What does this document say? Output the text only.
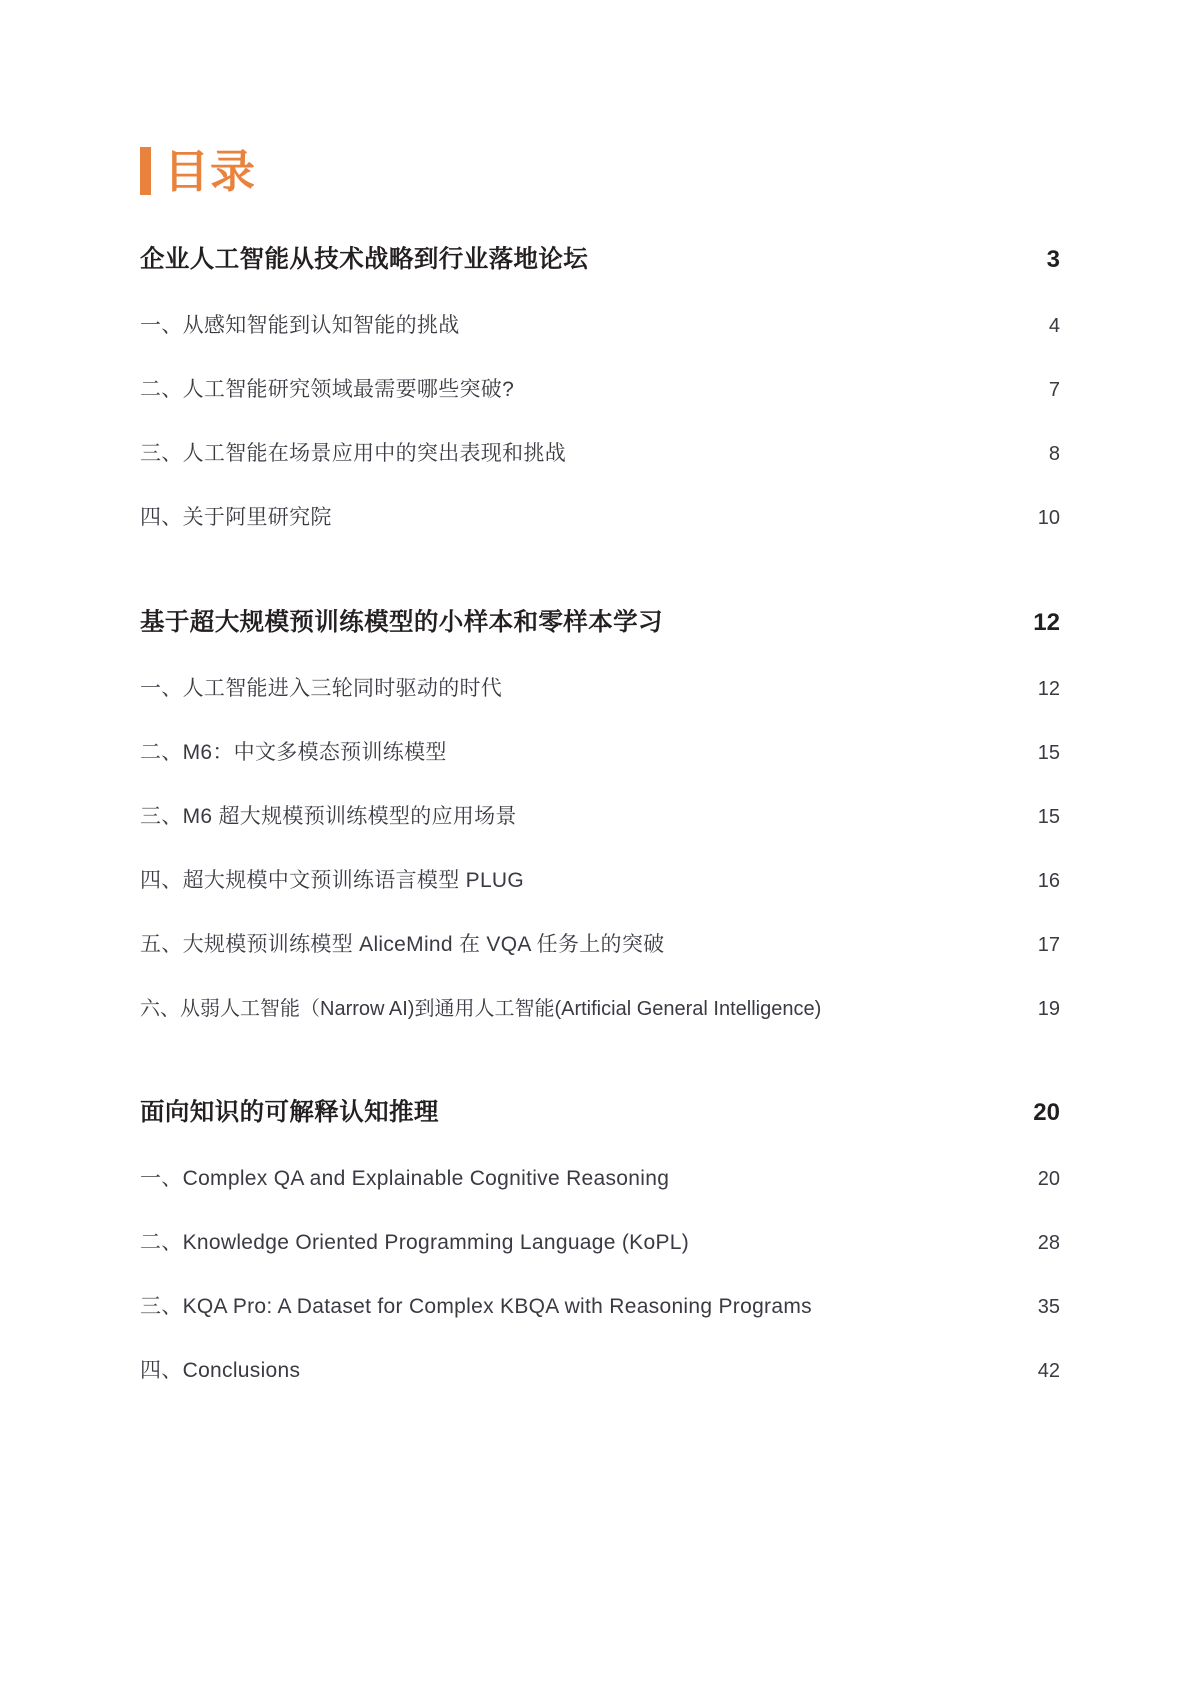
目录
企业人工智能从技术战略到行业落地论坛	3
一、从感知智能到认知智能的挑战	4
二、人工智能研究领域最需要哪些突破?	7
三、人工智能在场景应用中的突出表现和挑战	8
四、关于阿里研究院	10
基于超大规模预训练模型的小样本和零样本学习	12
一、人工智能进入三轮同时驱动的时代	12
二、M6：中文多模态预训练模型	15
三、M6 超大规模预训练模型的应用场景	15
四、超大规模中文预训练语言模型 PLUG	16
五、大规模预训练模型 AliceMind 在 VQA 任务上的突破	17
六、从弱人工智能（Narrow AI)到通用人工智能(Artificial General Intelligence)	19
面向知识的可解释认知推理	20
一、Complex QA and Explainable Cognitive Reasoning	20
二、Knowledge Oriented Programming Language (KoPL)	28
三、KQA Pro: A Dataset for Complex KBQA with Reasoning Programs	35
四、Conclusions	42
